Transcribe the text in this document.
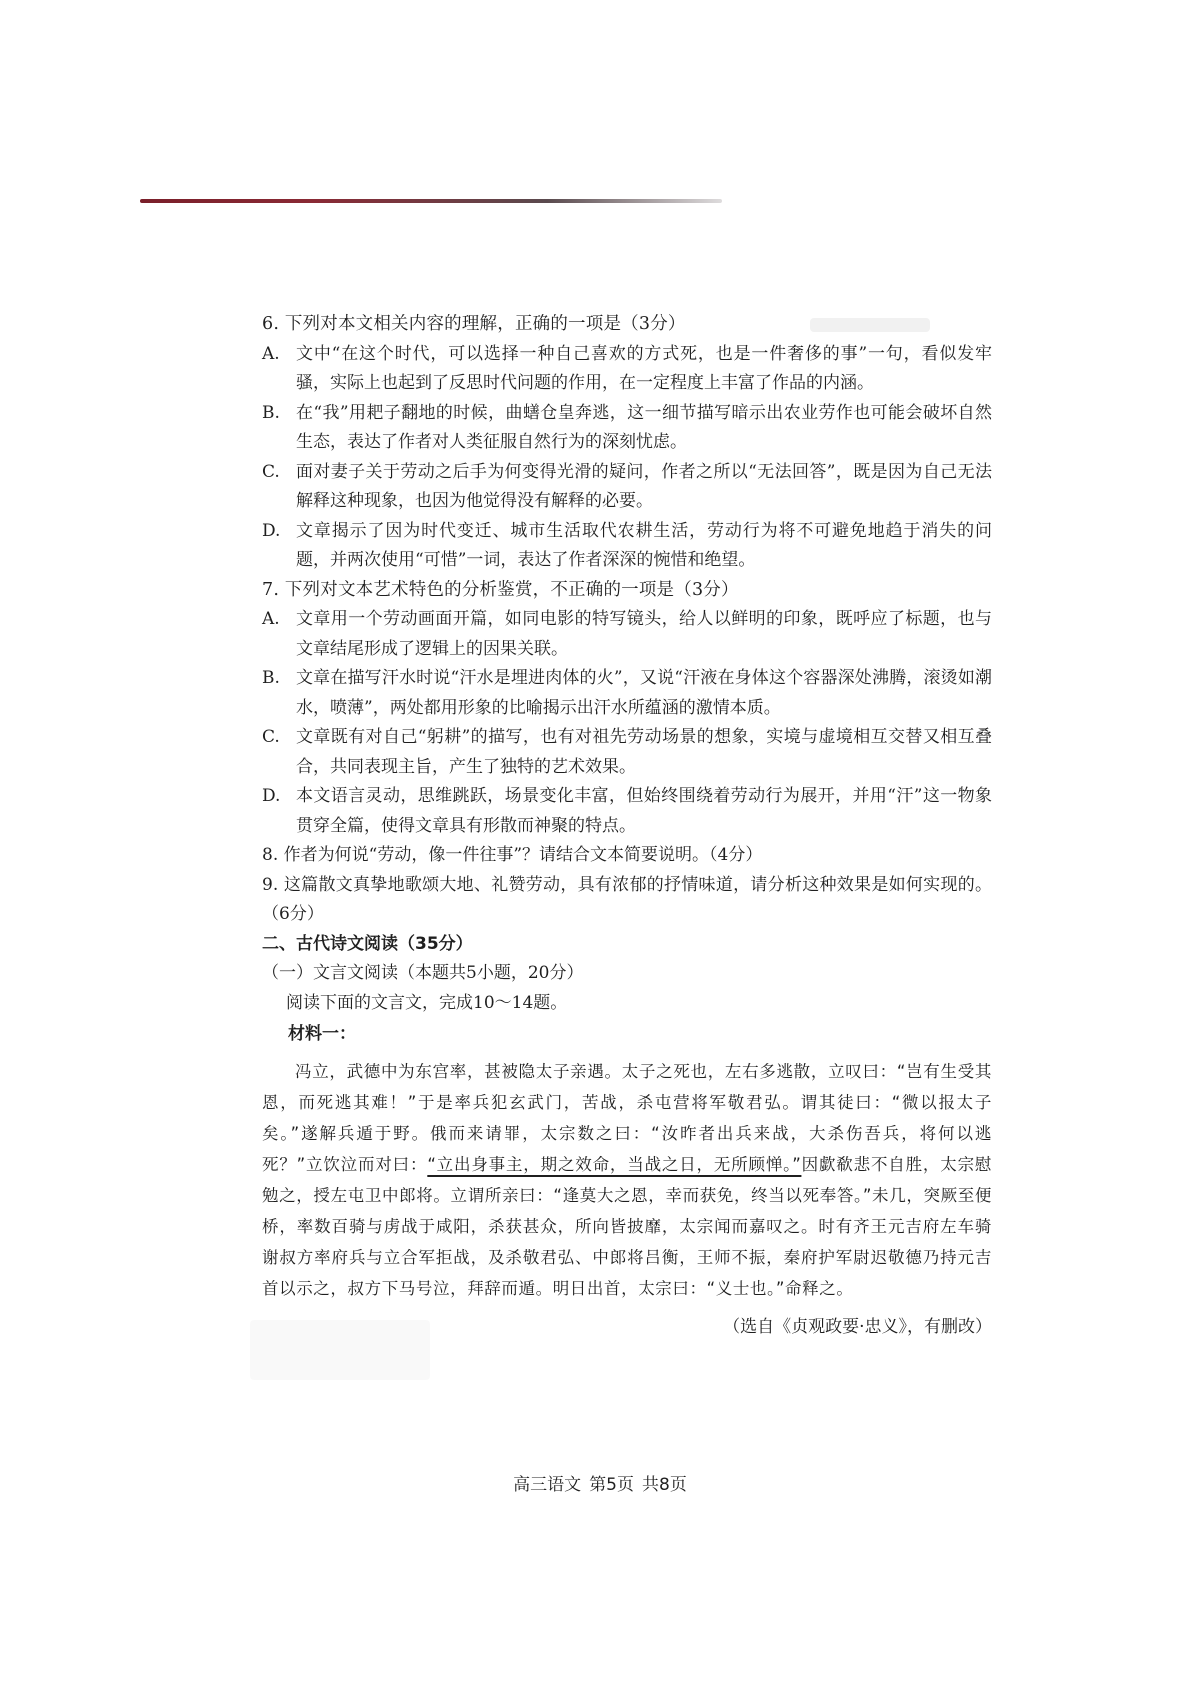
6. 下列对本文相关内容的理解，正确的一项是（3分）
A. 文中“在这个时代，可以选择一种自己喜欢的方式死，也是一件奢侈的事”一句，看似发牢骚，实际上也起到了反思时代问题的作用，在一定程度上丰富了作品的内涵。
B. 在“我”用耙子翻地的时候，曲蟮仓皇奔逃，这一细节描写暗示出农业劳作也可能会破坏自然生态，表达了作者对人类征服自然行为的深刻忧虑。
C. 面对妻子关于劳动之后手为何变得光滑的疑问，作者之所以“无法回答”，既是因为自己无法解释这种现象，也因为他觉得没有解释的必要。
D. 文章揭示了因为时代变迁、城市生活取代农耕生活，劳动行为将不可避免地趋于消失的问题，并两次使用“可惜”一词，表达了作者深深的惋惜和绝望。
7. 下列对文本艺术特色的分析鉴赏，不正确的一项是（3分）
A. 文章用一个劳动画面开篇，如同电影的特写镜头，给人以鲜明的印象，既呼应了标题，也与文章结尾形成了逻辑上的因果关联。
B. 文章在描写汗水时说“汗水是埋进肉体的火”，又说“汗液在身体这个容器深处沸腾，滚烫如潮水，喷薄”，两处都用形象的比喻揭示出汗水所蕴涵的激情本质。
C. 文章既有对自己“躬耕”的描写，也有对祖先劳动场景的想象，实境与虚境相互交替又相互叠合，共同表现主旨，产生了独特的艺术效果。
D. 本文语言灵动，思维跳跃，场景变化丰富，但始终围绕着劳动行为展开，并用“汗”这一物象贯穿全篇，使得文章具有形散而神聚的特点。
8. 作者为何说“劳动，像一件往事”？请结合文本简要说明。（4分）
9. 这篇散文真挚地歌颂大地、礼赞劳动，具有浓郁的抒情味道，请分析这种效果是如何实现的。（6分）
二、古代诗文阅读（35分）
（一）文言文阅读（本题共5小题，20分）
阅读下面的文言文，完成10～14题。
材料一：

冯立，武德中为东宫率，甚被隐太子亲遇。太子之死也，左右多逃散，立叹曰：“岂有生受其恩，而死逃其难！”于是率兵犯玄武门，苦战，杀屯营将军敬君弘。谓其徒曰：“微以报太子矣。”遂解兵遁于野。俄而来请罪，太宗数之曰：“汝昨者出兵来战，大杀伤吾兵，将何以逃死？”立饮泣而对曰：“立出身事主，期之效命，当战之日，无所顾惮。”因歔欷悲不自胜，太宗慰勉之，授左屯卫中郎将。立谓所亲曰：“逢莫大之恩，幸而获免，终当以死奉答。”未几，突厥至便桥，率数百骑与虏战于咸阳，杀获甚众，所向皆披靡，太宗闻而嘉叹之。时有齐王元吉府左车骑谢叔方率府兵与立合军拒战，及杀敬君弘、中郎将吕衡，王师不振，秦府护军尉迟敬德乃持元吉首以示之，叔方下马号泣，拜辞而遁。明日出首，太宗曰：“义士也。”命释之。

（选自《贞观政要·忠义》，有删改）
高三语文 第5页 共8页
